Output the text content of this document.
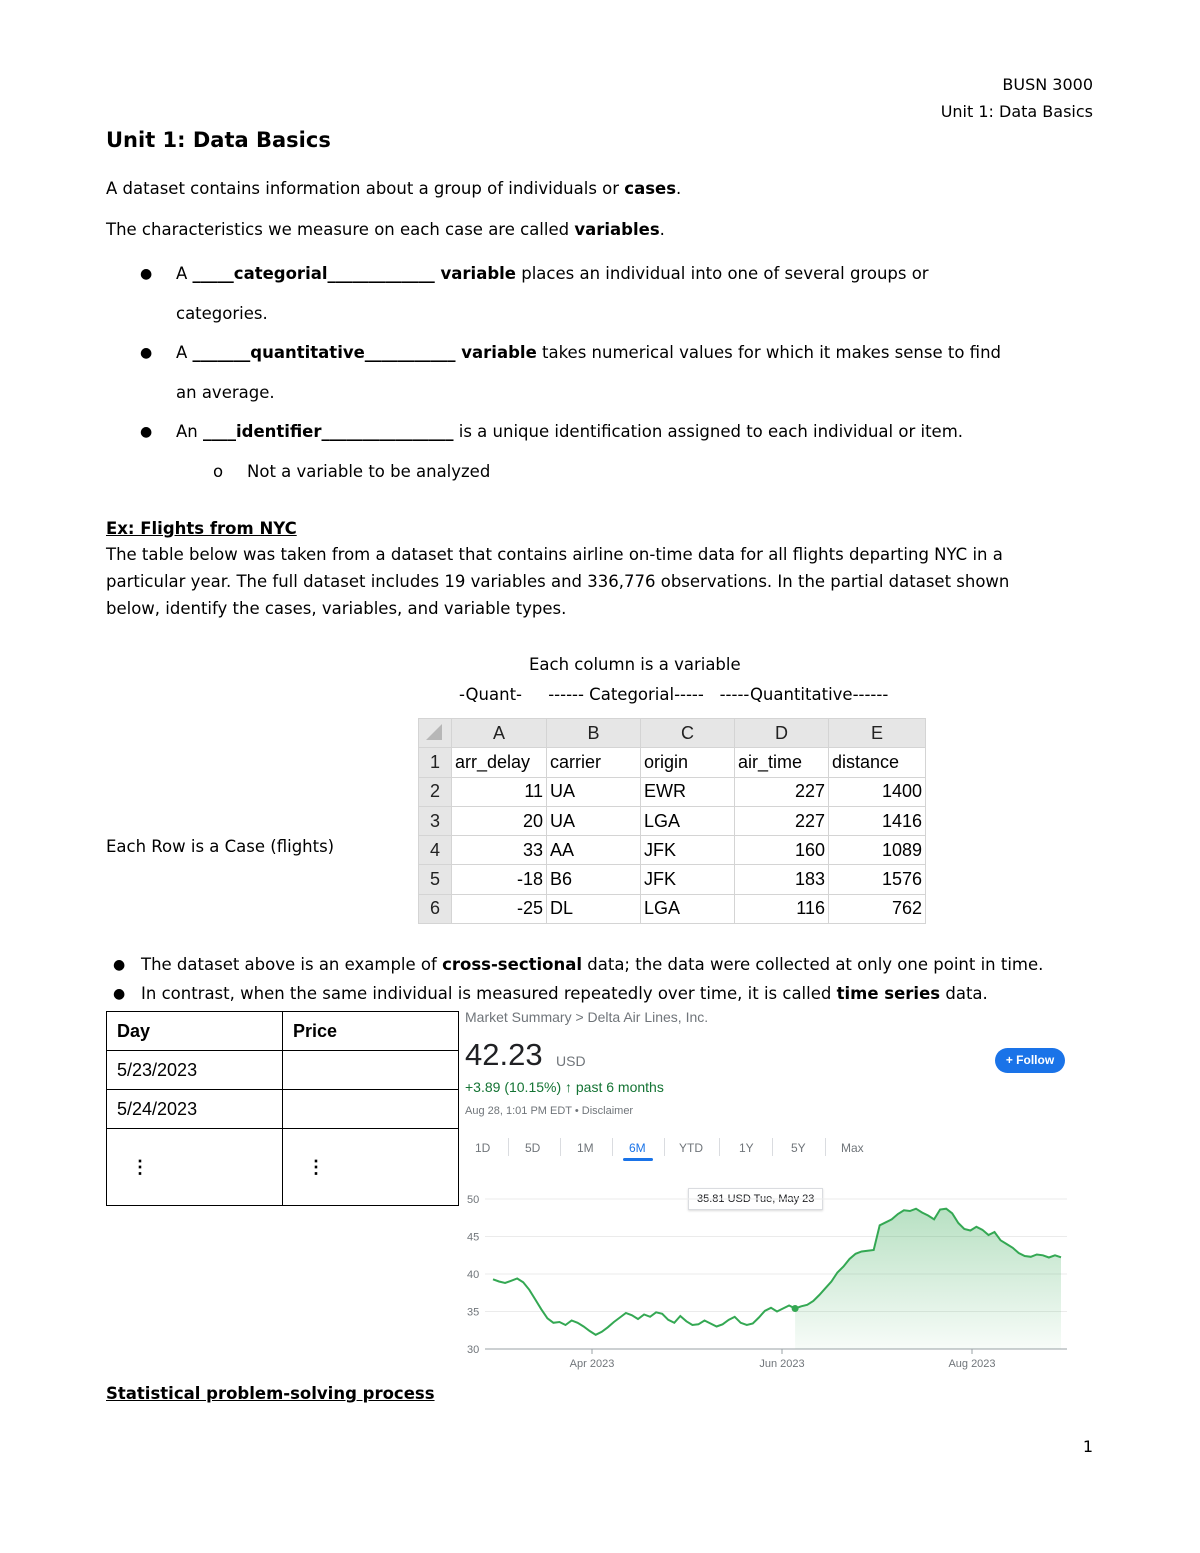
BUSN 3000
Unit 1: Data Basics
Unit 1: Data Basics
A dataset contains information about a group of individuals or cases.
The characteristics we measure on each case are called variables.
● A _____categorial_____________ variable places an individual into one of several groups or
categories.
● A _______quantitative___________ variable takes numerical values for which it makes sense to find
an average.
● An ____identifier________________ is a unique identification assigned to each individual or item.
o Not a variable to be analyzed
Ex: Flights from NYC
The table below was taken from a dataset that contains airline on-time data for all flights departing NYC in a
particular year. The full dataset includes 19 variables and 336,776 observations. In the partial dataset shown
below, identify the cases, variables, and variable types.
Each column is a variable
-Quant-     ------ Categorial-----   -----Quantitative------
Each Row is a Case (flights)
	A	B	C	D	E
1	arr_delay	carrier	origin	air_time	distance
2	11	UA	EWR	227	1400
3	20	UA	LGA	227	1416
4	33	AA	JFK	160	1089
5	-18	B6	JFK	183	1576
6	-25	DL	LGA	116	762
● The dataset above is an example of cross-sectional data; the data were collected at only one point in time.
● In contrast, when the same individual is measured repeatedly over time, it is called time series data.
Day	Price
5/23/2023	
5/24/2023	
⋮	⋮
Market Summary > Delta Air Lines, Inc.
42.23 USD	+ Follow
+3.89 (10.15%) ↑ past 6 months
Aug 28, 1:01 PM EDT • Disclaimer
1D	5D	1M	6M	YTD	1Y	5Y	Max
35.81 USD Tue, May 23
50
45
40
35
30
Apr 2023	Jun 2023	Aug 2023
Statistical problem-solving process
1
